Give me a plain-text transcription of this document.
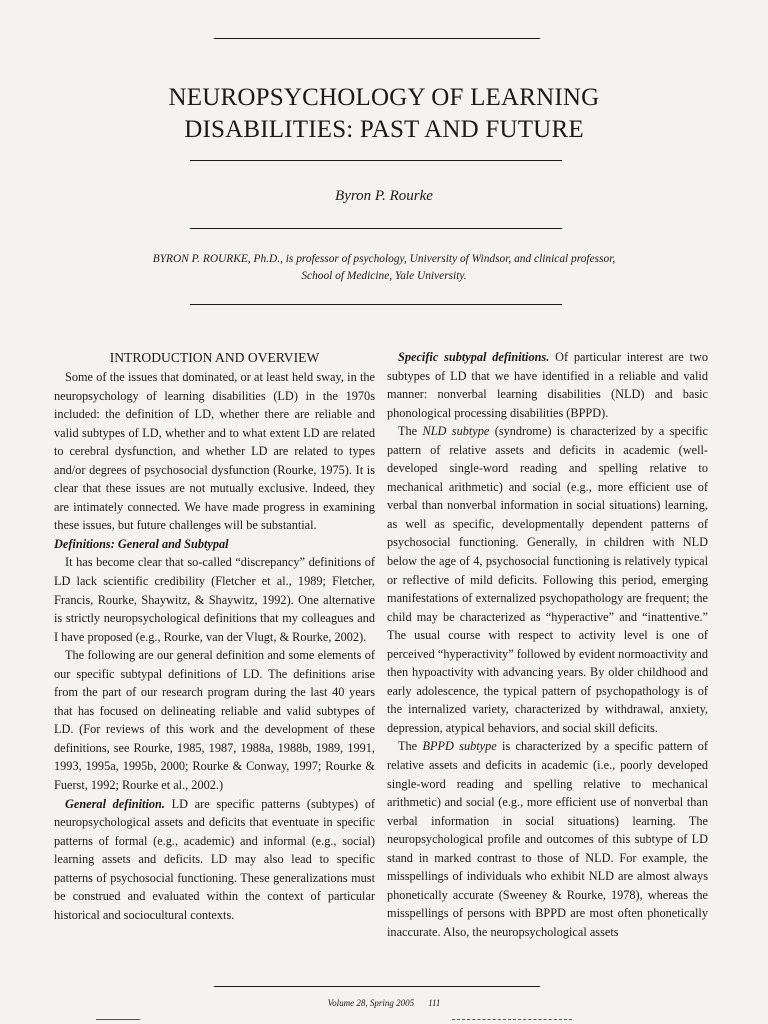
NEUROPSYCHOLOGY OF LEARNING
DISABILITIES: PAST AND FUTURE

Byron P. Rourke

BYRON P. ROURKE, Ph.D., is professor of psychology, University of Windsor, and clinical professor,
School of Medicine, Yale University.

INTRODUCTION AND OVERVIEW

Some of the issues that dominated, or at least held sway, in the neuropsychology of learning disabilities (LD) in the 1970s included: the definition of LD, whether there are reliable and valid subtypes of LD, whether and to what extent LD are related to cerebral dysfunction, and whether LD are related to types and/or degrees of psychosocial dysfunction (Rourke, 1975). It is clear that these issues are not mutually exclusive. Indeed, they are intimately connected. We have made progress in examining these issues, but future challenges will be substantial.

Definitions: General and Subtypal

It has become clear that so-called “discrepancy” definitions of LD lack scientific credibility (Fletcher et al., 1989; Fletcher, Francis, Rourke, Shaywitz, & Shaywitz, 1992). One alternative is strictly neuropsychological definitions that my colleagues and I have proposed (e.g., Rourke, van der Vlugt, & Rourke, 2002).

The following are our general definition and some elements of our specific subtypal definitions of LD. The definitions arise from the part of our research program during the last 40 years that has focused on delineating reliable and valid subtypes of LD. (For reviews of this work and the development of these definitions, see Rourke, 1985, 1987, 1988a, 1988b, 1989, 1991, 1993, 1995a, 1995b, 2000; Rourke & Conway, 1997; Rourke & Fuerst, 1992; Rourke et al., 2002.)

General definition. LD are specific patterns (subtypes) of neuropsychological assets and deficits that eventuate in specific patterns of formal (e.g., academic) and informal (e.g., social) learning assets and deficits. LD may also lead to specific patterns of psychosocial functioning. These generalizations must be construed and evaluated within the context of particular historical and sociocultural contexts.

Specific subtypal definitions. Of particular interest are two subtypes of LD that we have identified in a reliable and valid manner: nonverbal learning disabilities (NLD) and basic phonological processing disabilities (BPPD).

The NLD subtype (syndrome) is characterized by a specific pattern of relative assets and deficits in academic (well-developed single-word reading and spelling relative to mechanical arithmetic) and social (e.g., more efficient use of verbal than nonverbal information in social situations) learning, as well as specific, developmentally dependent patterns of psychosocial functioning. Generally, in children with NLD below the age of 4, psychosocial functioning is relatively typical or reflective of mild deficits. Following this period, emerging manifestations of externalized psychopathology are frequent; the child may be characterized as “hyperactive” and “inattentive.” The usual course with respect to activity level is one of perceived “hyperactivity” followed by evident normoactivity and then hypoactivity with advancing years. By older childhood and early adolescence, the typical pattern of psychopathology is of the internalized variety, characterized by withdrawal, anxiety, depression, atypical behaviors, and social skill deficits.

The BPPD subtype is characterized by a specific pattern of relative assets and deficits in academic (i.e., poorly developed single-word reading and spelling relative to mechanical arithmetic) and social (e.g., more efficient use of nonverbal than verbal information in social situations) learning. The neuropsychological profile and outcomes of this subtype of LD stand in marked contrast to those of NLD. For example, the misspellings of individuals who exhibit NLD are almost always phonetically accurate (Sweeney & Rourke, 1978), whereas the misspellings of persons with BPPD are most often phonetically inaccurate. Also, the neuropsychological assets

Volume 28, Spring 2005 111
